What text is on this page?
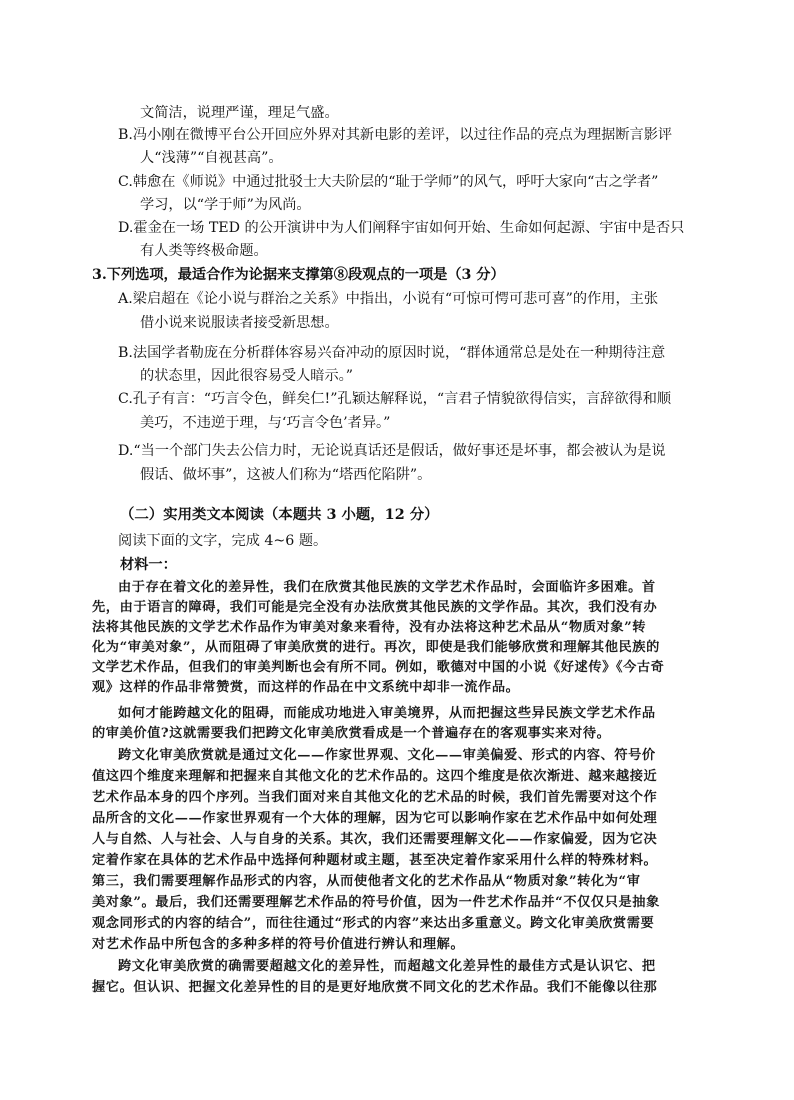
文简洁，说理严谨，理足气盛。
B.冯小刚在微博平台公开回应外界对其新电影的差评，以过往作品的亮点为理据断言影评
人“浅薄”“自视甚高”。
C.韩愈在《师说》中通过批驳士大夫阶层的“耻于学师”的风气，呼吁大家向“古之学者”
学习，以“学于师”为风尚。
D.霍金在一场 TED 的公开演讲中为人们阐释宇宙如何开始、生命如何起源、宇宙中是否只
有人类等终极命题。
3.下列选项，最适合作为论据来支撑第⑧段观点的一项是（3 分）
A.梁启超在《论小说与群治之关系》中指出，小说有“可惊可愕可悲可喜”的作用，主张
借小说来说服读者接受新思想。
B.法国学者勒庞在分析群体容易兴奋冲动的原因时说，“群体通常总是处在一种期待注意
的状态里，因此很容易受人暗示。”
C.孔子有言：“巧言令色，鲜矣仁!”孔颖达解释说，“言君子情貌欲得信实，言辞欲得和顺
美巧，不违逆于理，与‘巧言令色’者异。”
D.“当一个部门失去公信力时，无论说真话还是假话，做好事还是坏事，都会被认为是说
假话、做坏事”，这被人们称为“塔西佗陷阱”。
（二）实用类文本阅读（本题共 3 小题，12 分）
阅读下面的文字，完成 4~6 题。
材料一：
由于存在着文化的差异性，我们在欣赏其他民族的文学艺术作品时，会面临许多困难。首
先，由于语言的障碍，我们可能是完全没有办法欣赏其他民族的文学作品。其次，我们没有办
法将其他民族的文学艺术作品作为审美对象来看待，没有办法将这种艺术品从“物质对象”转
化为“审美对象”，从而阻碍了审美欣赏的进行。再次，即使是我们能够欣赏和理解其他民族的
文学艺术作品，但我们的审美判断也会有所不同。例如，歌德对中国的小说《好逑传》《今古奇
观》这样的作品非常赞赏，而这样的作品在中文系统中却非一流作品。
如何才能跨越文化的阻碍，而能成功地进入审美境界，从而把握这些异民族文学艺术作品
的审美价值?这就需要我们把跨文化审美欣赏看成是一个普遍存在的客观事实来对待。
跨文化审美欣赏就是通过文化——作家世界观、文化——审美偏爱、形式的内容、符号价
值这四个维度来理解和把握来自其他文化的艺术作品的。这四个维度是依次渐进、越来越接近
艺术作品本身的四个序列。当我们面对来自其他文化的艺术品的时候，我们首先需要对这个作
品所含的文化——作家世界观有一个大体的理解，因为它可以影响作家在艺术作品中如何处理
人与自然、人与社会、人与自身的关系。其次，我们还需要理解文化——作家偏爱，因为它决
定着作家在具体的艺术作品中选择何种题材或主题，甚至决定着作家采用什么样的特殊材料。
第三，我们需要理解作品形式的内容，从而使他者文化的艺术作品从“物质对象”转化为“审
美对象”。最后，我们还需要理解艺术作品的符号价值，因为一件艺术作品并“不仅仅只是抽象
观念同形式的内容的结合”，而往往通过“形式的内容”来达出多重意义。跨文化审美欣赏需要
对艺术作品中所包含的多种多样的符号价值进行辨认和理解。
跨文化审美欣赏的确需要超越文化的差异性，而超越文化差异性的最佳方式是认识它、把
握它。但认识、把握文化差异性的目的是更好地欣赏不同文化的艺术作品。我们不能像以往那
